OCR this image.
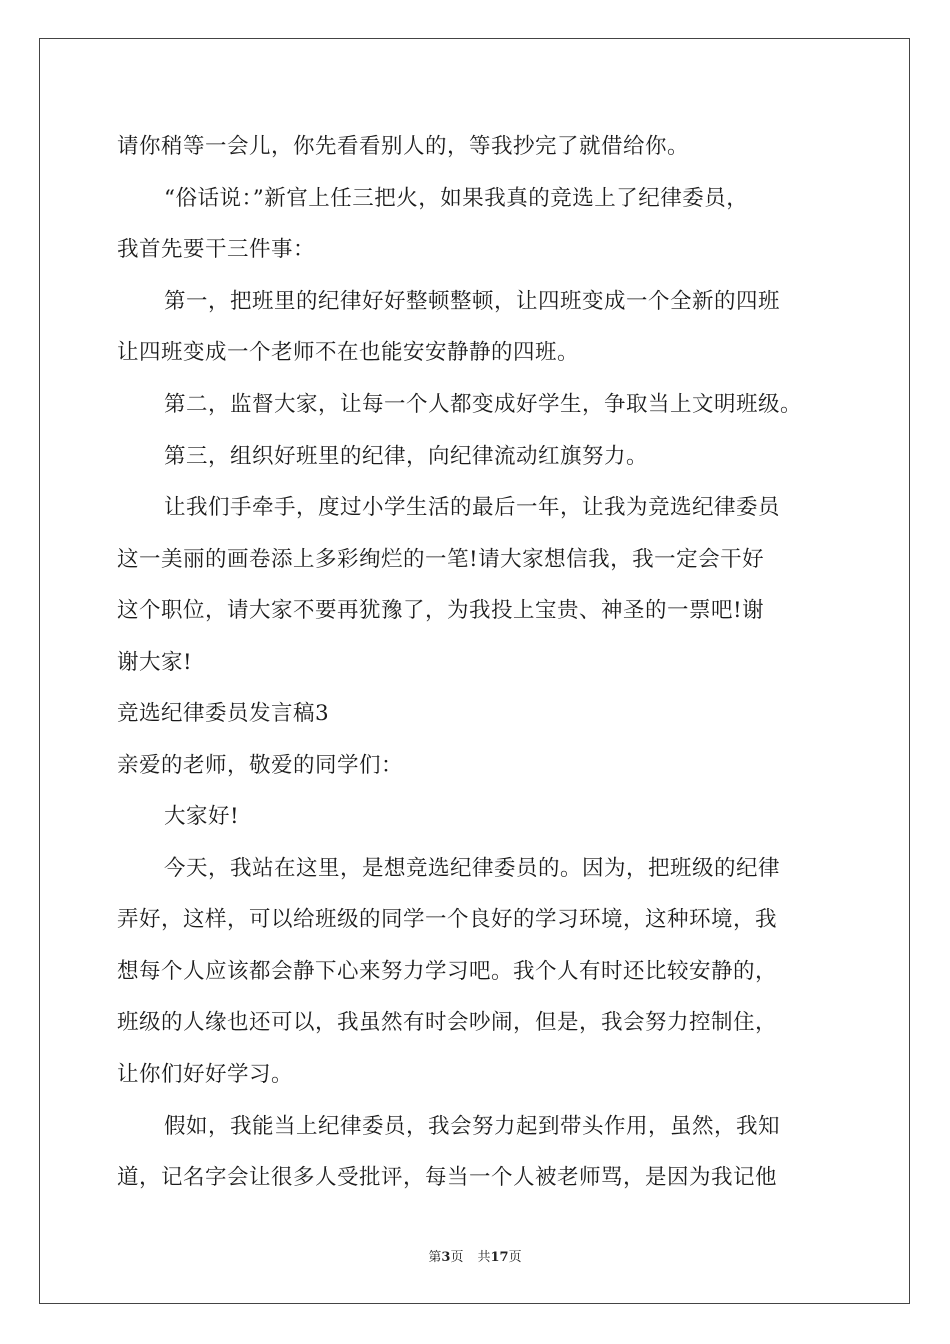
请你稍等一会儿，你先看看别人的，等我抄完了就借给你。
“俗话说：”新官上任三把火，如果我真的竞选上了纪律委员，
我首先要干三件事：
第一，把班里的纪律好好整顿整顿，让四班变成一个全新的四班
让四班变成一个老师不在也能安安静静的四班。
第二，监督大家，让每一个人都变成好学生，争取当上文明班级。
第三，组织好班里的纪律，向纪律流动红旗努力。
让我们手牵手，度过小学生活的最后一年，让我为竞选纪律委员
这一美丽的画卷添上多彩绚烂的一笔!请大家想信我，我一定会干好
这个职位，请大家不要再犹豫了，为我投上宝贵、神圣的一票吧!谢
谢大家!
竞选纪律委员发言稿3
亲爱的老师，敬爱的同学们：
大家好!
今天，我站在这里，是想竞选纪律委员的。因为，把班级的纪律
弄好，这样，可以给班级的同学一个良好的学习环境，这种环境，我
想每个人应该都会静下心来努力学习吧。我个人有时还比较安静的，
班级的人缘也还可以，我虽然有时会吵闹，但是，我会努力控制住，
让你们好好学习。
假如，我能当上纪律委员，我会努力起到带头作用，虽然，我知
道，记名字会让很多人受批评，每当一个人被老师骂，是因为我记他
第3页 共17页
